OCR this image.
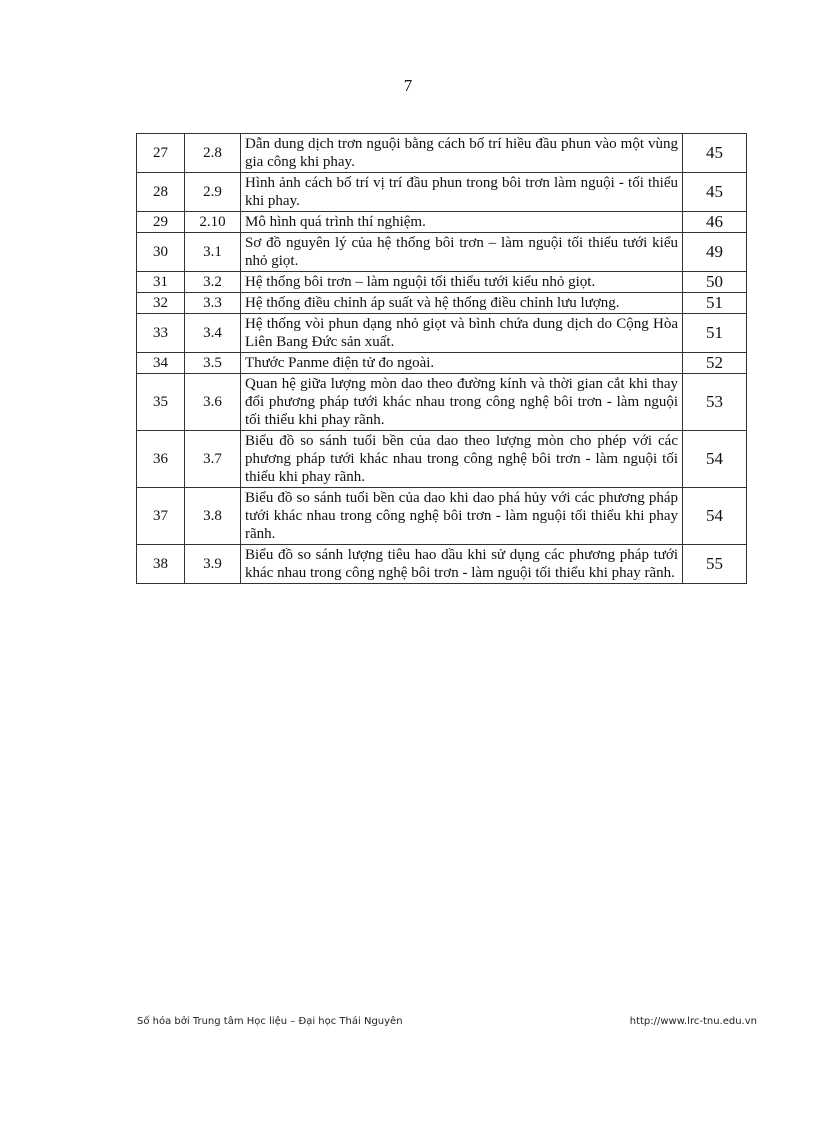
7
27	2.8	Dẫn dung dịch trơn nguội bằng cách bố trí hiều đầu phun vào một vùng gia công khi phay.	45
28	2.9	Hình ảnh cách bố trí vị trí đầu phun trong bôi trơn làm nguội - tối thiểu khi phay.	45
29	2.10	Mô hình quá trình thí nghiệm.	46
30	3.1	Sơ đồ nguyên lý của hệ thống bôi trơn – làm nguội tối thiểu tưới kiểu nhỏ giọt.	49
31	3.2	Hệ thống bôi trơn – làm nguội tối thiểu tưới kiểu nhỏ giọt.	50
32	3.3	Hệ thống điều chỉnh áp suất và hệ thống điều chỉnh lưu lượng.	51
33	3.4	Hệ thống vòi phun dạng nhỏ giọt và bình chứa dung dịch do Cộng Hòa Liên Bang Đức sản xuất.	51
34	3.5	Thước Panme điện tử đo ngoài.	52
35	3.6	Quan hệ giữa lượng mòn dao theo đường kính và thời gian cắt khi thay đổi phương pháp tưới khác nhau trong công nghệ bôi trơn - làm nguội tối thiểu khi phay rãnh.	53
36	3.7	Biểu đồ so sánh tuổi bền của dao theo lượng mòn cho phép với các phương pháp tưới khác nhau trong công nghệ bôi trơn - làm nguội tối thiểu khi phay rãnh.	54
37	3.8	Biểu đồ so sánh tuổi bền của dao khi dao phá hủy với các phương pháp tưới khác nhau trong công nghệ bôi trơn - làm nguội tối thiểu khi phay rãnh.	54
38	3.9	Biểu đồ so sánh lượng tiêu hao dầu khi sử dụng các phương pháp tưới khác nhau trong công nghệ bôi trơn - làm nguội tối thiểu khi phay rãnh.	55
Số hóa bởi Trung tâm Học liệu – Đại học Thái Nguyên	http://www.lrc-tnu.edu.vn
